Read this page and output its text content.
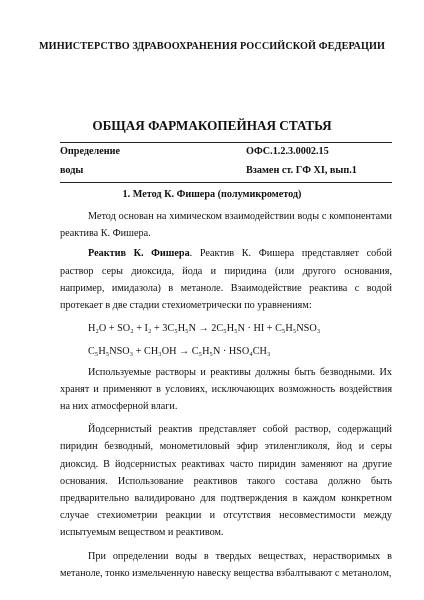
МИНИСТЕРСТВО ЗДРАВООХРАНЕНИЯ РОССИЙСКОЙ ФЕДЕРАЦИИ
ОБЩАЯ ФАРМАКОПЕЙНАЯ СТАТЬЯ
Определение
воды
ОФС.1.2.3.0002.15
Взамен ст. ГФ XI, вып.1
1. Метод К. Фишера (полумикрометод)

Метод основан на химическом взаимодействии воды с компонентами реактива К. Фишера.

Реактив К. Фишера. Реактив К. Фишера представляет собой раствор серы диоксида, йода и пиридина (или другого основания, например, имидазола) в метаноле. Взаимодействие реактива с водой протекает в две стадии стехиометрически по уравнениям:

H₂O + SO₂ + I₂ + 3C₅H₅N → 2C₅H₅N · HI + C₅H₅NSO₃

C₅H₅NSO₃ + CH₃OH → C₅H₅N · HSO₄CH₃

Используемые растворы и реактивы должны быть безводными. Их хранят и применяют в условиях, исключающих возможность воздействия на них атмосферной влаги.

Йодсернистый реактив представляет собой раствор, содержащий пиридин безводный, монометиловый эфир этиленгликоля, йод и серы диоксид. В йодсернистых реактивах часто пиридин заменяют на другие основания. Использование реактивов такого состава должно быть предварительно валидировано для подтверждения в каждом конкретном случае стехиометрии реакции и отсутствия несовместимости между испытуемым веществом и реактивом.

При определении воды в твердых веществах, нерастворимых в метаноле, тонко измельченную навеску вещества взбалтывают с метанолом,
